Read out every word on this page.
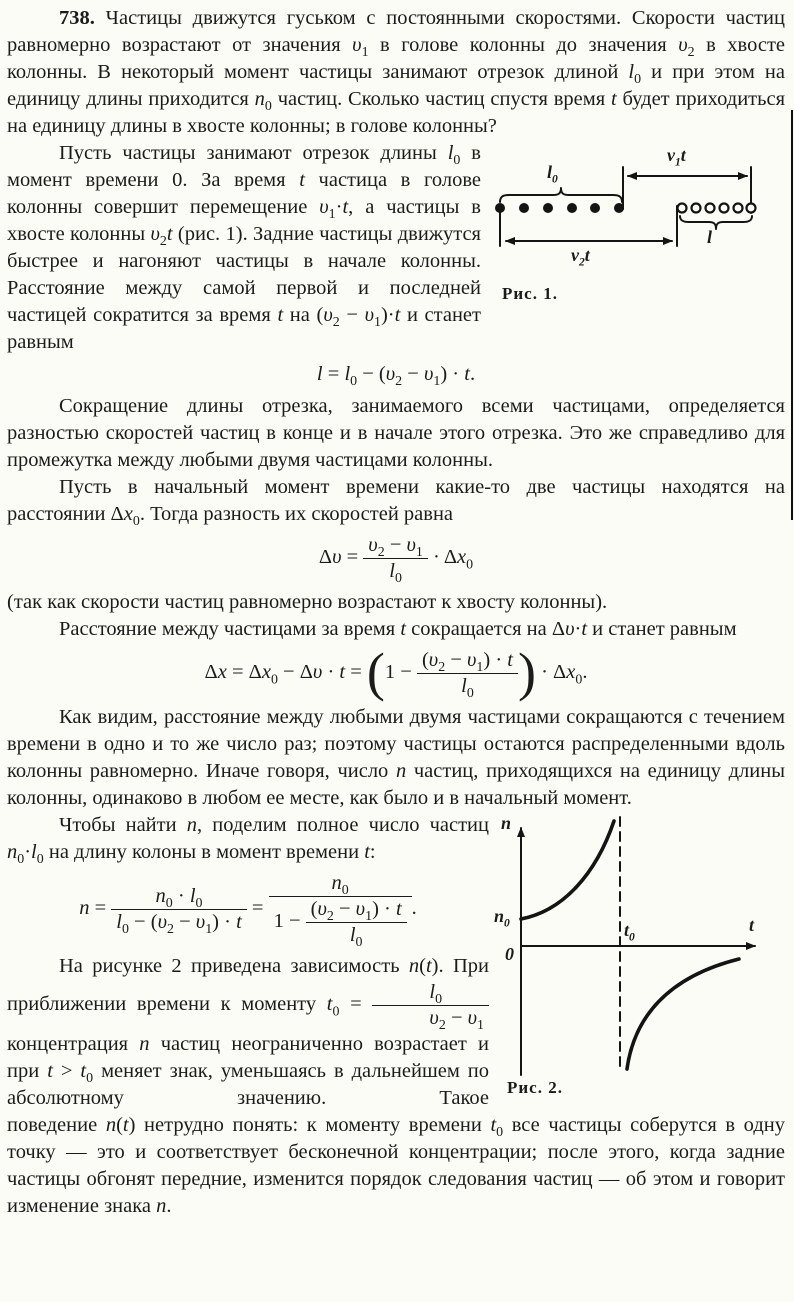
738. Частицы движутся гуськом с постоянными скоростями. Скорости частиц равномерно возрастают от значения $\upsilon_1$ в голове колонны до значения $\upsilon_2$ в хвосте колонны. В некоторый момент частицы занимают отрезок длиной $l_0$ и при этом на единицу длины приходится $n_0$ частиц. Сколько частиц спустя время t будет приходиться на единицу длины в хвосте колонны; в голове колонны?

$l_0$
$v_1t$
$v_2t$
l
Рис. 1.

Пусть частицы занимают отрезок длины $l_0$ в момент времени 0. За время t частица в голове колонны совершит перемещение $\upsilon_1\cdot t$, а частицы в хвосте колонны $\upsilon_2t$ (рис. 1). Задние частицы движутся быстрее и нагоняют частицы в начале колонны. Расстояние между самой первой и последней частицей сократится за время t на $(\upsilon_2 - \upsilon_1)\cdot t$ и станет равным

$l = l_0 - (\upsilon_2 - \upsilon_1) \cdot t$.

Сокращение длины отрезка, занимаемого всеми частицами, определяется разностью скоростей частиц в конце и в начале этого отрезка. Это же справедливо для промежутка между любыми двумя частицами колонны.

Пусть в начальный момент времени какие-то две частицы находятся на расстоянии $\Delta x_0$. Тогда разность их скоростей равна

$\Delta\upsilon = \frac{\upsilon_2 - \upsilon_1}{l_0} \cdot \Delta x_0$

(так как скорости частиц равномерно возрастают к хвосту колонны).

Расстояние между частицами за время t сокращается на Δυ·t и станет равным

$\Delta x = \Delta x_0 - \Delta\upsilon \cdot t = (1 - \frac{(\upsilon_2 - \upsilon_1) \cdot t}{l_0}$ ) · $\Delta x_0$.

Как видим, расстояние между любыми двумя частицами сокращаются с течением времени в одно и то же число раз; поэтому частицы остаются распределенными вдоль колонны равномерно. Иначе говоря, число n частиц, приходящихся на единицу длины колонны, одинаково в любом ее месте, как было и в начальный момент.

n
t
0
$n_0$	$t_0$
Рис. 2.

Чтобы найти n, поделим полное число частиц $n_0\cdot l_0$ на длину колоны в момент времени t:

$n = \frac{n_0 \cdot l_0}{l_0 - (\upsilon_2 - \upsilon_1) \cdot t} = \frac{n_0}{1 - \frac{(\upsilon_2 - \upsilon_1) \cdot t}{l_0}}$ .

На рисунке 2 приведена зависимость n(t). При приближении времени к моменту $t_0 = \frac{l_0}{\upsilon_2 - \upsilon_1}$
концентрация n частиц неограниченно возрастает и при $t > t_0$ меняет знак, уменьшаясь в дальнейшем по абсолютному значению. Такое

поведение n(t) нетрудно понять: к моменту времени $t_0$ все частицы соберутся в одну точку — это и соответствует бесконечной концентрации; после этого, когда задние частицы обгонят передние, изменится порядок следования частиц — об этом и говорит изменение знака n.
